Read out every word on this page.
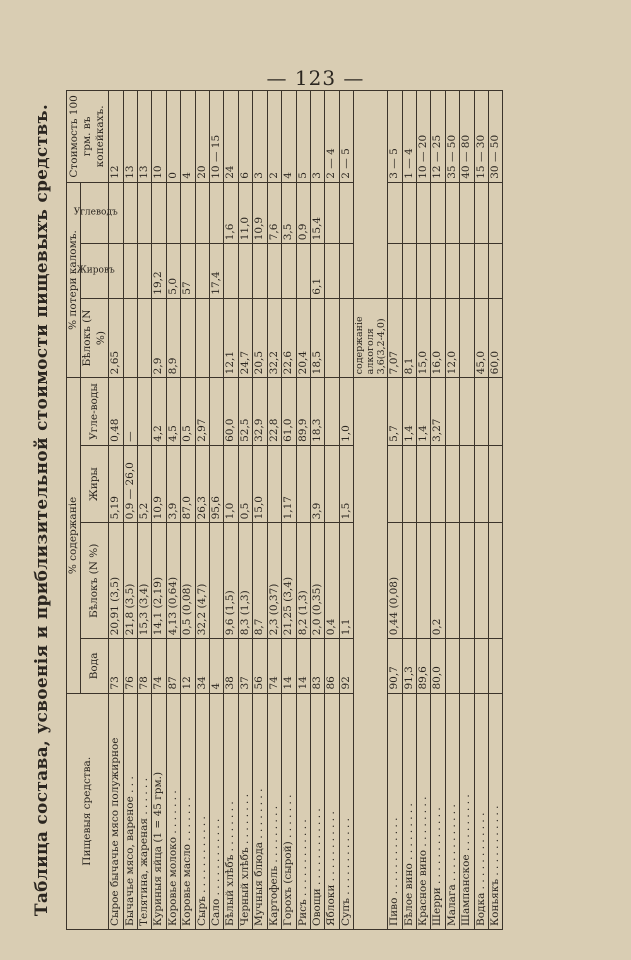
— 123 —
Таблица состава, усвоенія и приблизительной стоимости пищевыхъ средствъ.	Пищевыя средства.	% содержаніе				% потери каломъ.			Стоимость 100 грм. въ копейкахъ.
	Вода	Бѣлокъ (N %)	Жиры	Угле-воды	Бѣлокъ (N %)	Жировъ	Углеводъ	
Сырое бычачье мясо полужирное	73	20,91 (3,5)	5,19	0,48	2,65			12
Бычачье мясо, вареное . . .	76	21,8 (3,5)	0,9 — 26,0	—				13
Телятина, жареная . . . . . .	78	15,3 (3,4)	5,2					13
Куриныя яйца (1 = 45 грм.)	74	14,1 (2,19)	10,9	4,2	2,9	19,2		10
Коровье молоко . . . . . . .	87	4,13 (0,64)	3,9	4,5	8,9	5,0		0
Коровье масло . . . . . . .	12	0,5 (0,08)	87,0	0,5		57		4
Сыръ . . . . . . . . . . . .	34	32,2 (4,7)	26,3	2,97				20
Сало . . . . . . . . . . . .	4		95,6			17,4		10 — 15
Бѣлый хлѣбъ . . . . . . . .	38	9,6 (1,5)	1,0	60,0	12,1		1,6	24
Черный хлѣбъ . . . . . . . .	37	8,3 (1,3)	0,5	52,5	24,7		11,0	6
Мучныя блюда . . . . . . . .	56	8,7	15,0	32,9	20,5		10,9	3
Картофель . . . . . . . . .	74	2,3 (0,37)		22,8	32,2		7,6	2
Горохъ (сырой) . . . . . . .	14	21,25 (3,4)	1,17	61,0	22,6		3,5	4
Рисъ . . . . . . . . . . . .	14	8,2 (1,3)		89,9	20,4		0,9	5
Овощи . . . . . . . . . . . .	83	2,0 (0,35)	3,9	18,3	18,5	6,1	15,4	3
Яблоки . . . . . . . . . . .	86	0,4						2 — 4
Супъ . . . . . . . . . . . .	92	1,1	1,5	1,0				2 — 5
					содержаніе алкоголя 3,6(3,2-4,0)			
Пиво . . . . . . . . . . . .	90,7	0,44 (0,08)		5,7	7,07			3 — 5
Бѣлое вино . . . . . . . . .	91,3			1,4	8,1			1 — 4
Красное вино . . . . . . . .	89,6			1,4	15,0			10 — 20
Шерри . . . . . . . . . . . .	80,0	0,2		3,27	16,0			12 — 25
Малага . . . . . . . . . . . .					12,0			35 — 50
Шампанское . . . . . . . . .								40 — 80
Водка . . . . . . . . . . . .					45,0			15 — 30
Коньякъ . . . . . . . . . . .					60,0			30 — 50
